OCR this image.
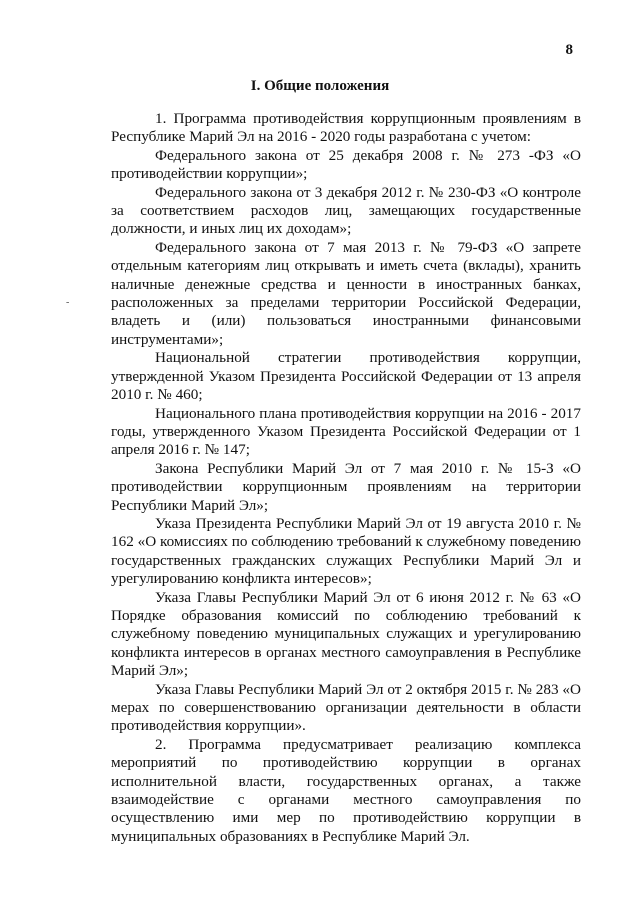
8
-
I. Общие положения

1. Программа противодействия коррупционным проявлениям в Республике Марий Эл на 2016 - 2020 годы разработана с учетом:

Федерального закона от 25 декабря 2008 г. № 273 -ФЗ «О противодействии коррупции»;

Федерального закона от 3 декабря 2012 г. № 230-ФЗ «О контроле за соответствием расходов лиц, замещающих государственные должности, и иных лиц их доходам»;

Федерального закона от 7 мая 2013 г. № 79-ФЗ «О запрете отдельным категориям лиц открывать и иметь счета (вклады), хранить наличные денежные средства и ценности в иностранных банках, расположенных за пределами территории Российской Федерации, владеть и (или) пользоваться иностранными финансовыми инструментами»;

Национальной стратегии противодействия коррупции, утвержденной Указом Президента Российской Федерации от 13 апреля 2010 г. № 460;

Национального плана противодействия коррупции на 2016 - 2017 годы, утвержденного Указом Президента Российской Федерации от 1 апреля 2016 г. № 147;

Закона Республики Марий Эл от 7 мая 2010 г. № 15-З «О противодействии коррупционным проявлениям на территории Республики Марий Эл»;

Указа Президента Республики Марий Эл от 19 августа 2010 г. № 162 «О комиссиях по соблюдению требований к служебному поведению государственных гражданских служащих Республики Марий Эл и урегулированию конфликта интересов»;

Указа Главы Республики Марий Эл от 6 июня 2012 г. № 63 «О Порядке образования комиссий по соблюдению требований к служебному поведению муниципальных служащих и урегулированию конфликта интересов в органах местного самоуправления в Республике Марий Эл»;

Указа Главы Республики Марий Эл от 2 октября 2015 г. № 283 «О мерах по совершенствованию организации деятельности в области противодействия коррупции».

2. Программа предусматривает реализацию комплекса мероприятий по противодействию коррупции в органах исполнительной власти, государственных органах, а также взаимодействие с органами местного самоуправления по осуществлению ими мер по противодействию коррупции в муниципальных образованиях в Республике Марий Эл.
